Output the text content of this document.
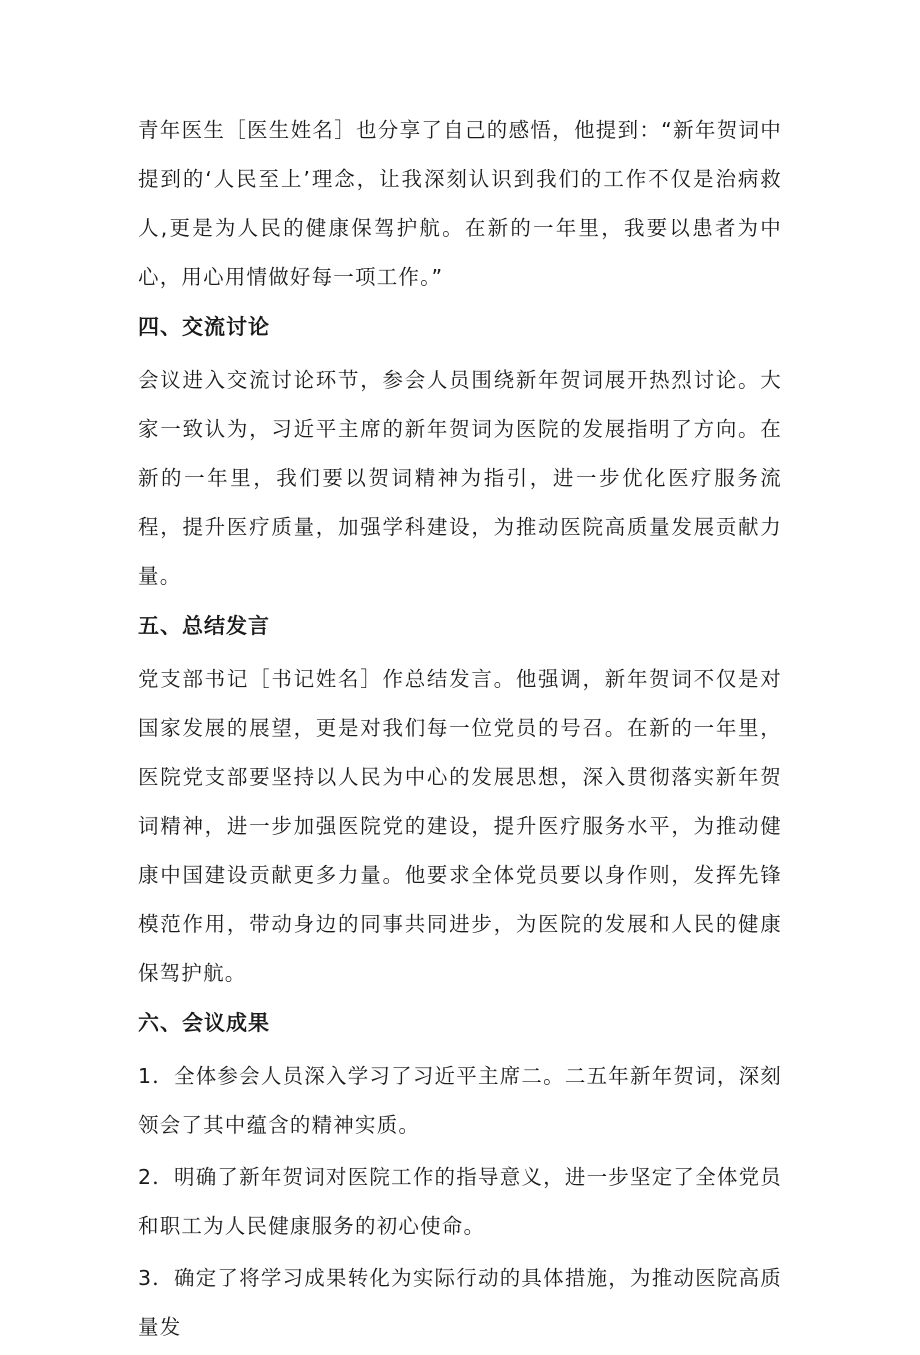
青年医生［医生姓名］也分享了自己的感悟，他提到：“新年贺词中提到的‘人民至上’理念，让我深刻认识到我们的工作不仅是治病救人,更是为人民的健康保驾护航。在新的一年里，我要以患者为中心，用心用情做好每一项工作。”

四、交流讨论

会议进入交流讨论环节，参会人员围绕新年贺词展开热烈讨论。大家一致认为，习近平主席的新年贺词为医院的发展指明了方向。在新的一年里，我们要以贺词精神为指引，进一步优化医疗服务流程，提升医疗质量，加强学科建设，为推动医院高质量发展贡献力量。

五、总结发言

党支部书记［书记姓名］作总结发言。他强调，新年贺词不仅是对国家发展的展望，更是对我们每一位党员的号召。在新的一年里，医院党支部要坚持以人民为中心的发展思想，深入贯彻落实新年贺词精神，进一步加强医院党的建设，提升医疗服务水平，为推动健康中国建设贡献更多力量。他要求全体党员要以身作则，发挥先锋模范作用，带动身边的同事共同进步，为医院的发展和人民的健康保驾护航。

六、会议成果

1．全体参会人员深入学习了习近平主席二。二五年新年贺词，深刻领会了其中蕴含的精神实质。

2．明确了新年贺词对医院工作的指导意义，进一步坚定了全体党员和职工为人民健康服务的初心使命。

3．确定了将学习成果转化为实际行动的具体措施，为推动医院高质量发
